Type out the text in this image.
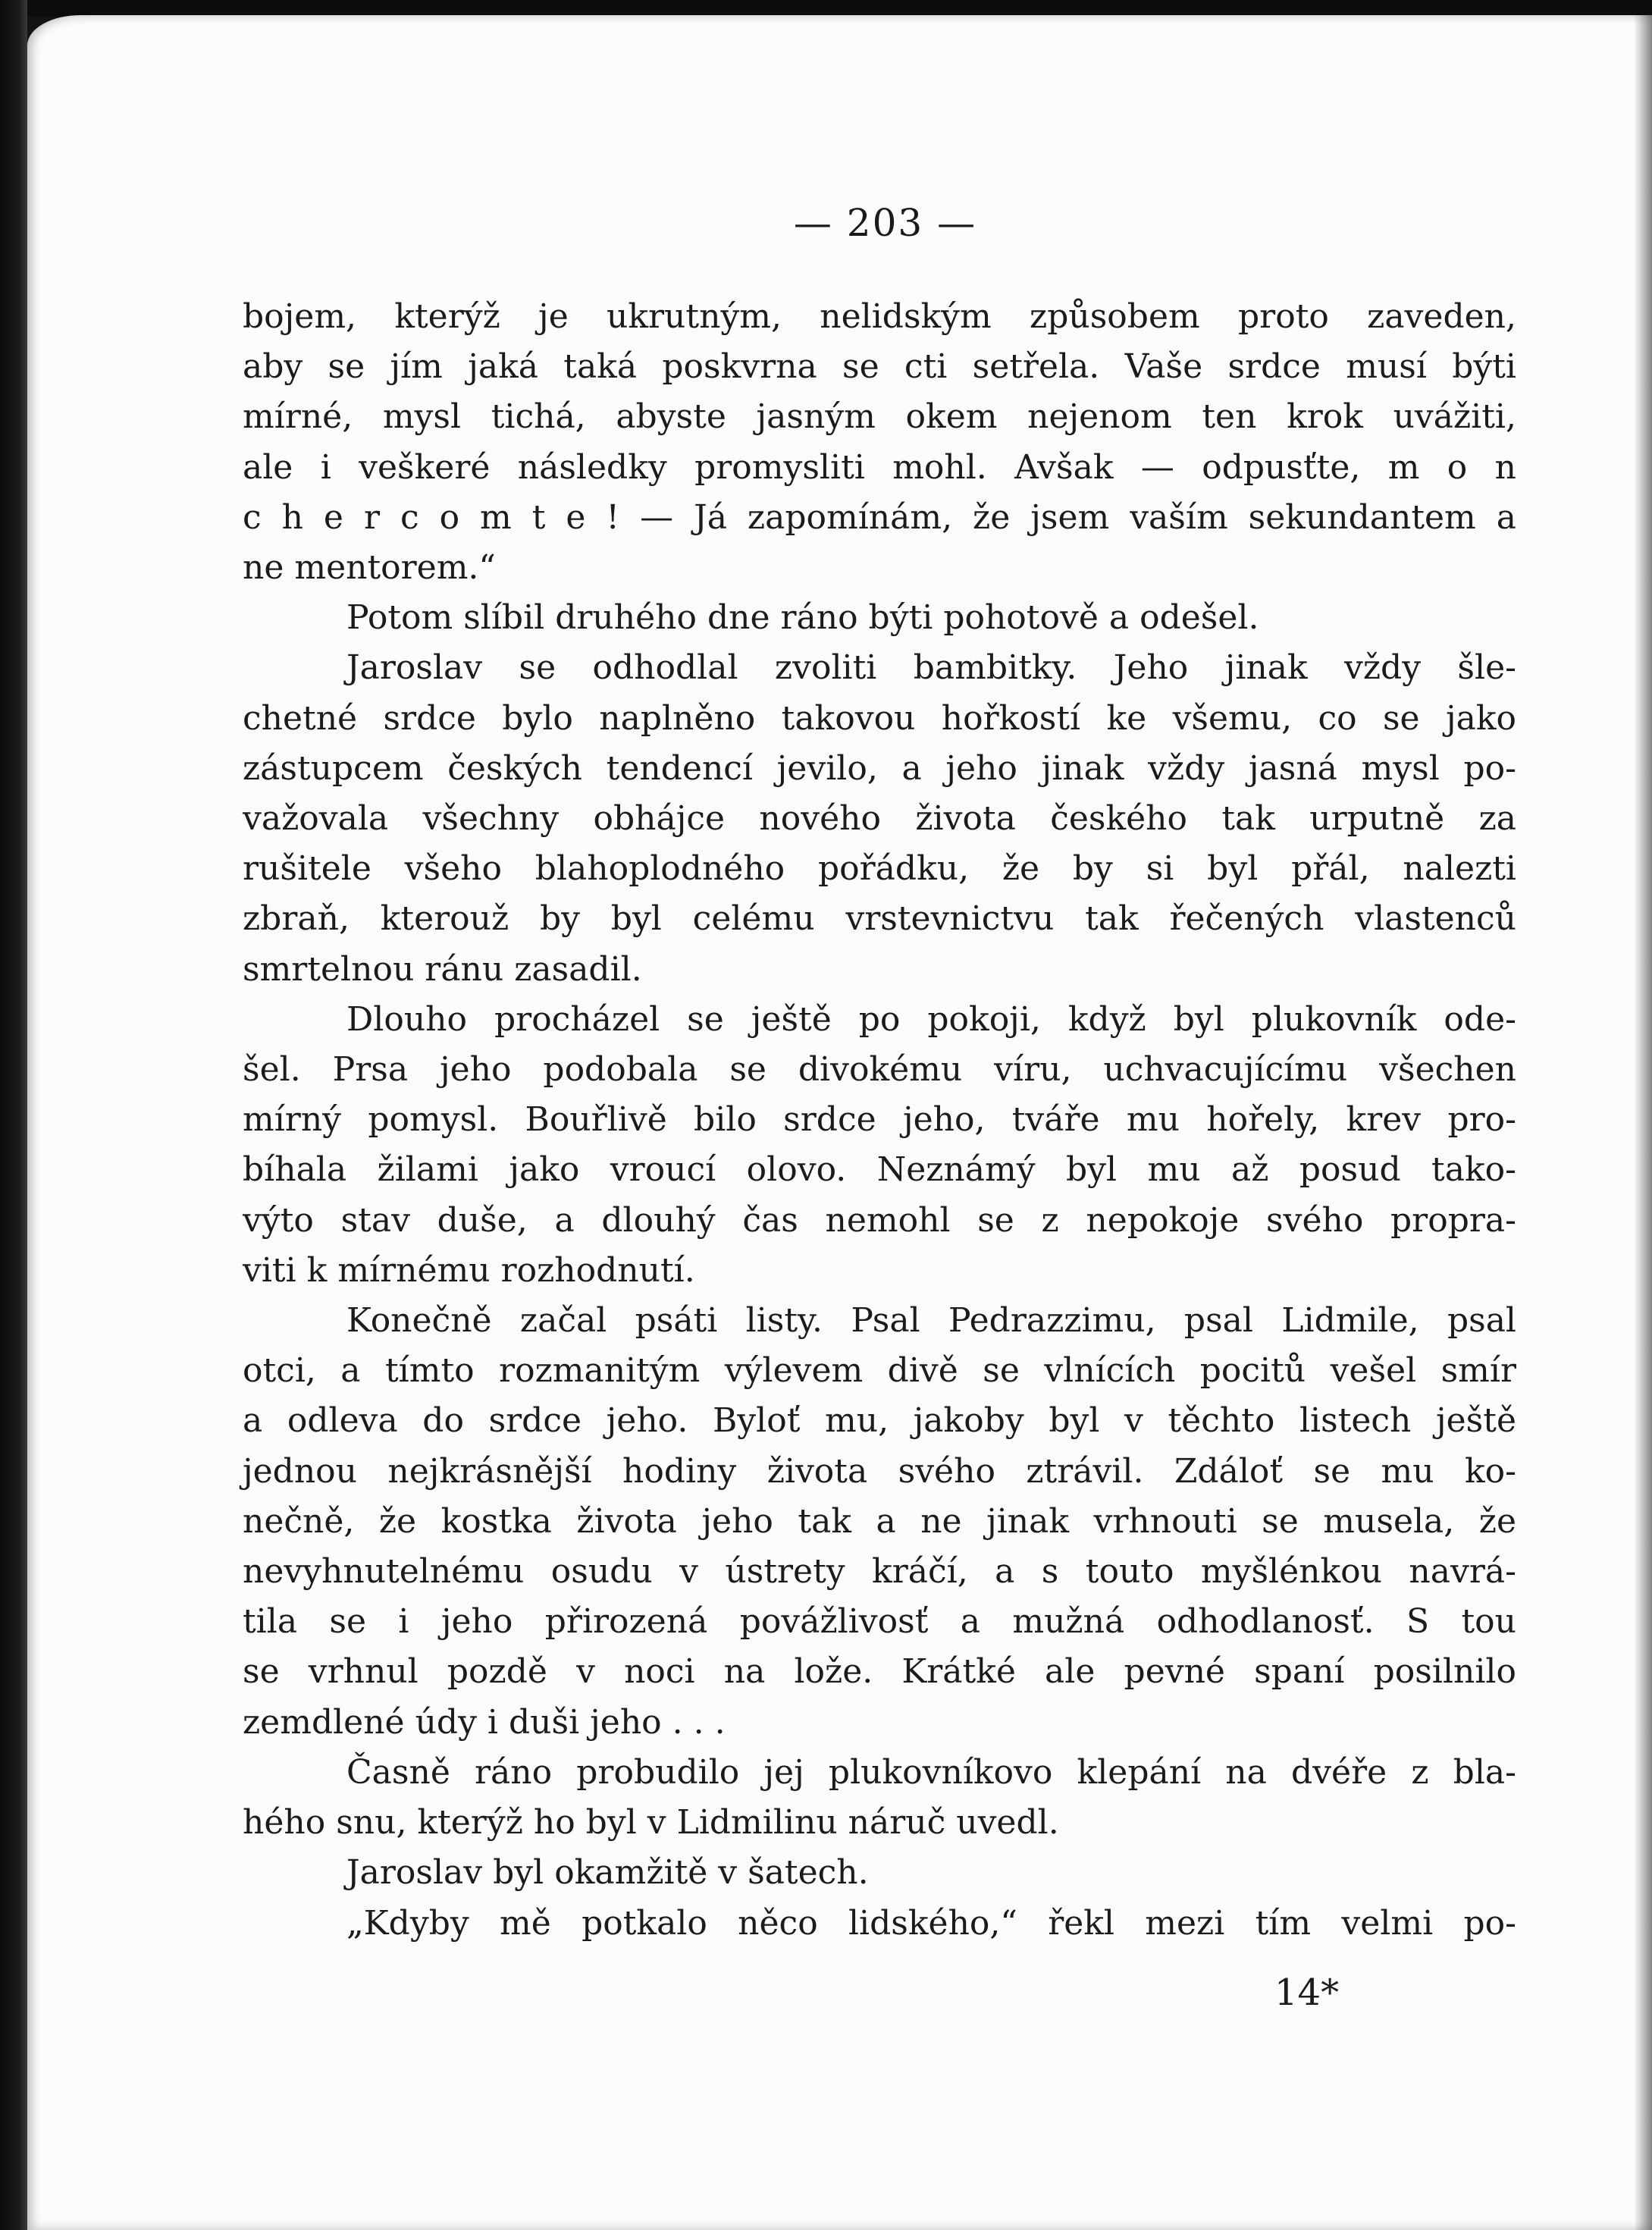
— 203 —
bojem, kterýž je ukrutným, nelidským způsobem proto zaveden,
aby se jím jaká taká poskvrna se cti setřela. Vaše srdce musí býti
mírné, mysl tichá, abyste jasným okem nejenom ten krok uvážiti,
ale i veškeré následky promysliti mohl. Avšak — odpusťte, m o n
c h e r c o m t e ! — Já zapomínám, že jsem vaším sekundantem a
ne mentorem.“
Potom slíbil druhého dne ráno býti pohotově a odešel.
Jaroslav se odhodlal zvoliti bambitky. Jeho jinak vždy šle-
chetné srdce bylo naplněno takovou hořkostí ke všemu, co se jako
zástupcem českých tendencí jevilo, a jeho jinak vždy jasná mysl po-
važovala všechny obhájce nového života českého tak urputně za
rušitele všeho blahoplodného pořádku, že by si byl přál, nalezti
zbraň, kterouž by byl celému vrstevnictvu tak řečených vlastenců
smrtelnou ránu zasadil.
Dlouho procházel se ještě po pokoji, když byl plukovník ode-
šel. Prsa jeho podobala se divokému víru, uchvacujícímu všechen
mírný pomysl. Bouřlivě bilo srdce jeho, tváře mu hořely, krev pro-
bíhala žilami jako vroucí olovo. Neznámý byl mu až posud tako-
výto stav duše, a dlouhý čas nemohl se z nepokoje svého propra-
viti k mírnému rozhodnutí.
Konečně začal psáti listy. Psal Pedrazzimu, psal Lidmile, psal
otci, a tímto rozmanitým výlevem divě se vlnících pocitů vešel smír
a odleva do srdce jeho. Byloť mu, jakoby byl v těchto listech ještě
jednou nejkrásnější hodiny života svého ztrávil. Zdáloť se mu ko-
nečně, že kostka života jeho tak a ne jinak vrhnouti se musela, že
nevyhnutelnému osudu v ústrety kráčí, a s touto myšlénkou navrá-
tila se i jeho přirozená povážlivosť a mužná odhodlanosť. S tou
se vrhnul pozdě v noci na lože. Krátké ale pevné spaní posilnilo
zemdlené údy i duši jeho . . .
Časně ráno probudilo jej plukovníkovo klepání na dvéře z bla-
hého snu, kterýž ho byl v Lidmilinu náruč uvedl.
Jaroslav byl okamžitě v šatech.
„Kdyby mě potkalo něco lidského,“ řekl mezi tím velmi po-
14*
